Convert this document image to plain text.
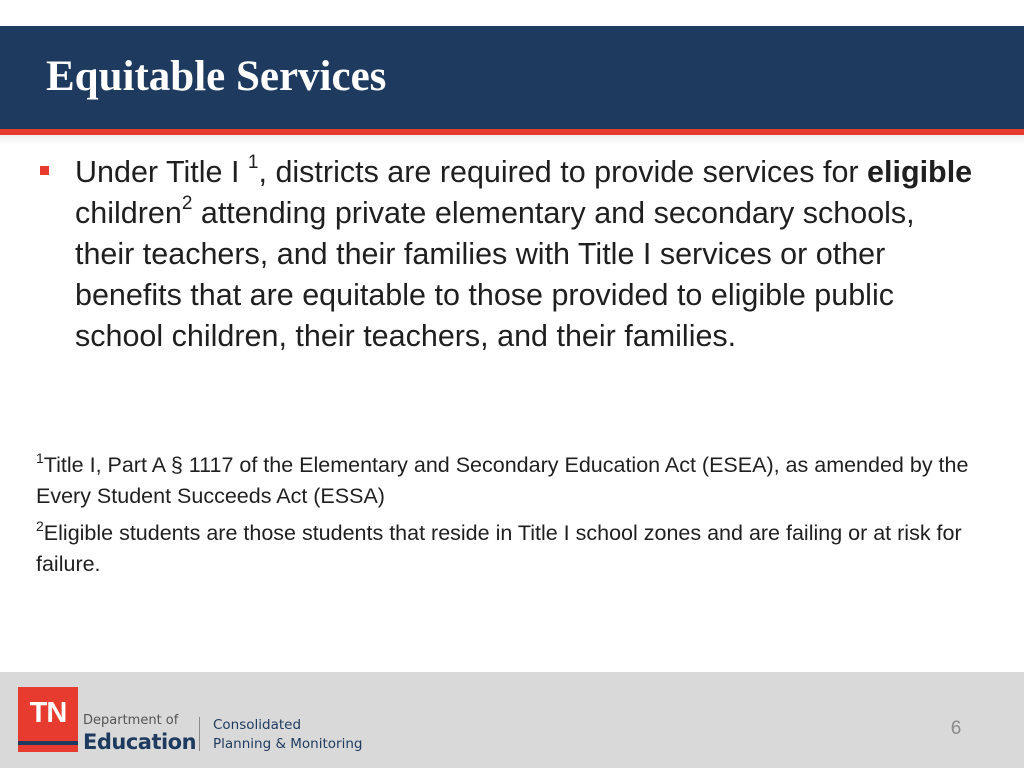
Equitable Services

Under Title I $^1$, districts are required to provide services for eligible children$^2$ attending private elementary and secondary schools, their teachers, and their families with Title I services or other benefits that are equitable to those provided to eligible public school children, their teachers, and their families.

$^1$Title I, Part A § 1117 of the Elementary and Secondary Education Act (ESEA), as amended by the Every Student Succeeds Act (ESSA)

$^2$Eligible students are those students that reside in Title I school zones and are failing or at risk for failure.

TN	Department of
Education
Consolidated
Planning & Monitoring
6
